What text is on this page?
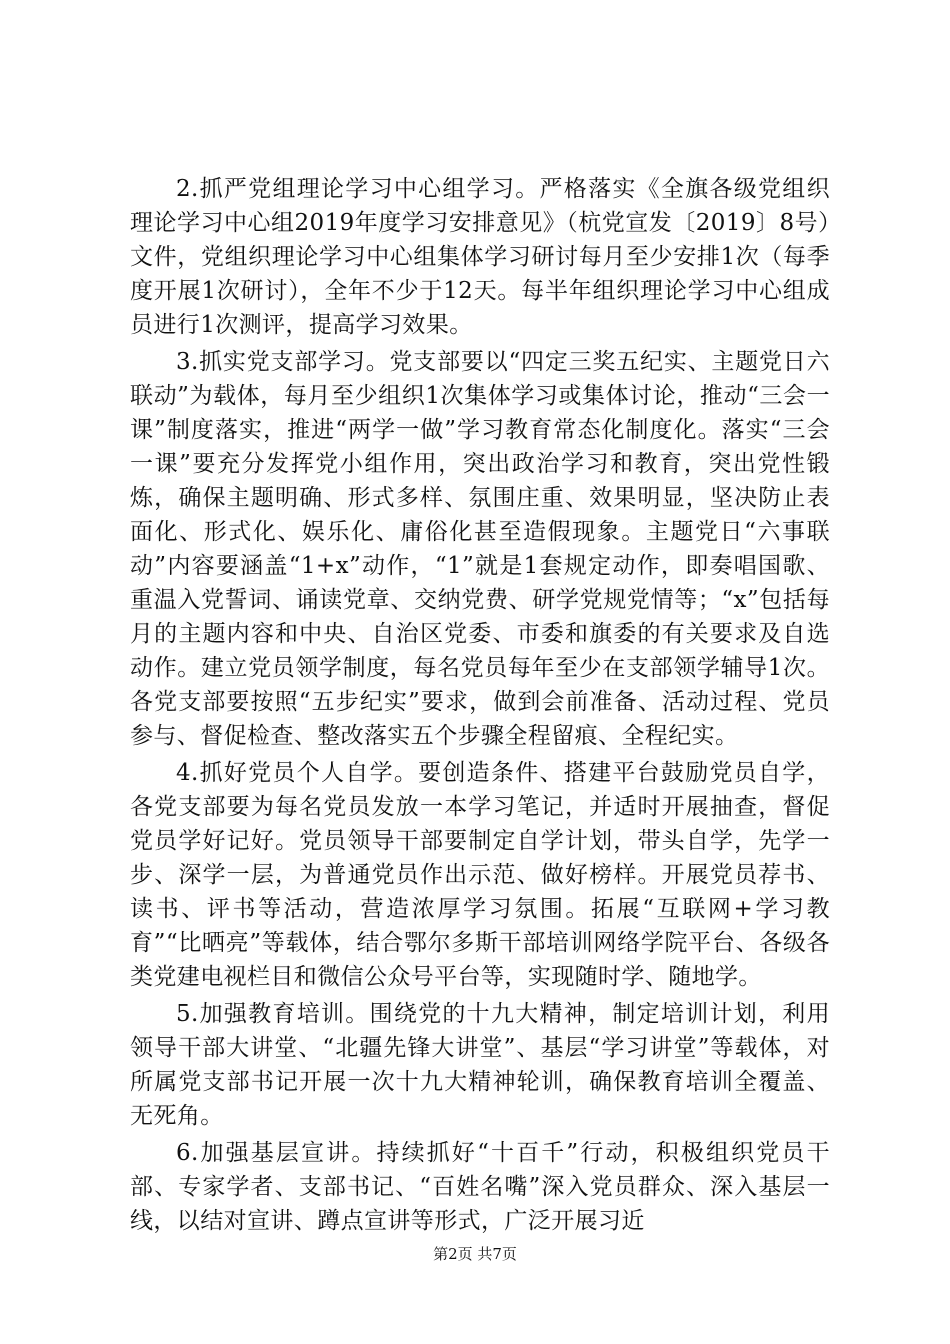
2.抓严党组理论学习中心组学习。严格落实《全旗各级党组织理论学习中心组2019年度学习安排意见》（杭党宣发〔2019〕8号）文件，党组织理论学习中心组集体学习研讨每月至少安排1次（每季度开展1次研讨），全年不少于12天。每半年组织理论学习中心组成员进行1次测评，提高学习效果。

3.抓实党支部学习。党支部要以“四定三奖五纪实、主题党日六联动”为载体，每月至少组织1次集体学习或集体讨论，推动“三会一课”制度落实，推进“两学一做”学习教育常态化制度化。落实“三会一课”要充分发挥党小组作用，突出政治学习和教育，突出党性锻炼，确保主题明确、形式多样、氛围庄重、效果明显，坚决防止表面化、形式化、娱乐化、庸俗化甚至造假现象。主题党日“六事联动”内容要涵盖“1+x”动作，“1”就是1套规定动作，即奏唱国歌、重温入党誓词、诵读党章、交纳党费、研学党规党情等；“x”包括每月的主题内容和中央、自治区党委、市委和旗委的有关要求及自选动作。建立党员领学制度，每名党员每年至少在支部领学辅导1次。各党支部要按照“五步纪实”要求，做到会前准备、活动过程、党员参与、督促检查、整改落实五个步骤全程留痕、全程纪实。

4.抓好党员个人自学。要创造条件、搭建平台鼓励党员自学，各党支部要为每名党员发放一本学习笔记，并适时开展抽查，督促党员学好记好。党员领导干部要制定自学计划，带头自学，先学一步、深学一层，为普通党员作出示范、做好榜样。开展党员荐书、读书、评书等活动，营造浓厚学习氛围。拓展“互联网+学习教育”“比晒亮”等载体，结合鄂尔多斯干部培训网络学院平台、各级各类党建电视栏目和微信公众号平台等，实现随时学、随地学。

5.加强教育培训。围绕党的十九大精神，制定培训计划，利用领导干部大讲堂、“北疆先锋大讲堂”、基层“学习讲堂”等载体，对所属党支部书记开展一次十九大精神轮训，确保教育培训全覆盖、无死角。

6.加强基层宣讲。持续抓好“十百千”行动，积极组织党员干部、专家学者、支部书记、“百姓名嘴”深入党员群众、深入基层一线，以结对宣讲、蹲点宣讲等形式，广泛开展习近

第2页 共7页
